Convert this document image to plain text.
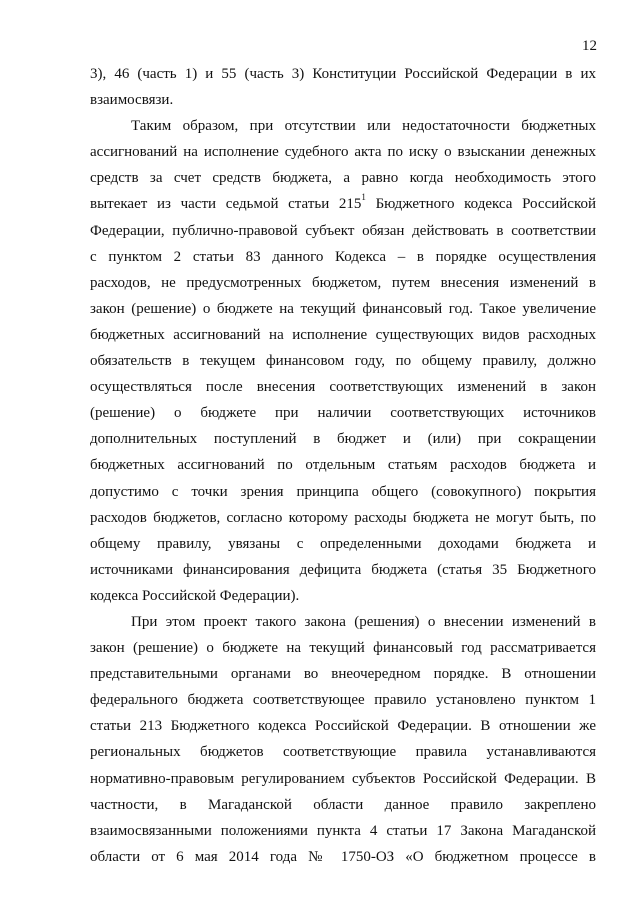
12
3), 46 (часть 1) и 55 (часть 3) Конституции Российской Федерации в их
взаимосвязи.
Таким образом, при отсутствии или недостаточности бюджетных
ассигнований на исполнение судебного акта по иску о взыскании денежных
средств за счет средств бюджета, а равно когда необходимость этого
вытекает из части седьмой статьи $215^1$ Бюджетного кодекса Российской
Федерации, публично-правовой субъект обязан действовать в соответствии
с пунктом 2 статьи 83 данного Кодекса – в порядке осуществления
расходов, не предусмотренных бюджетом, путем внесения изменений в
закон (решение) о бюджете на текущий финансовый год. Такое увеличение
бюджетных ассигнований на исполнение существующих видов расходных
обязательств в текущем финансовом году, по общему правилу, должно
осуществляться после внесения соответствующих изменений в закон
(решение) о бюджете при наличии соответствующих источников
дополнительных поступлений в бюджет и (или) при сокращении
бюджетных ассигнований по отдельным статьям расходов бюджета и
допустимо с точки зрения принципа общего (совокупного) покрытия
расходов бюджетов, согласно которому расходы бюджета не могут быть, по
общему правилу, увязаны с определенными доходами бюджета и
источниками финансирования дефицита бюджета (статья 35 Бюджетного
кодекса Российской Федерации).
При этом проект такого закона (решения) о внесении изменений в
закон (решение) о бюджете на текущий финансовый год рассматривается
представительными органами во внеочередном порядке. В отношении
федерального бюджета соответствующее правило установлено пунктом 1
статьи 213 Бюджетного кодекса Российской Федерации. В отношении же
региональных бюджетов соответствующие правила устанавливаются
нормативно-правовым регулированием субъектов Российской Федерации. В
частности, в Магаданской области данное правило закреплено
взаимосвязанными положениями пункта 4 статьи 17 Закона Магаданской
области от 6 мая 2014 года № 1750-ОЗ «О бюджетном процессе в
